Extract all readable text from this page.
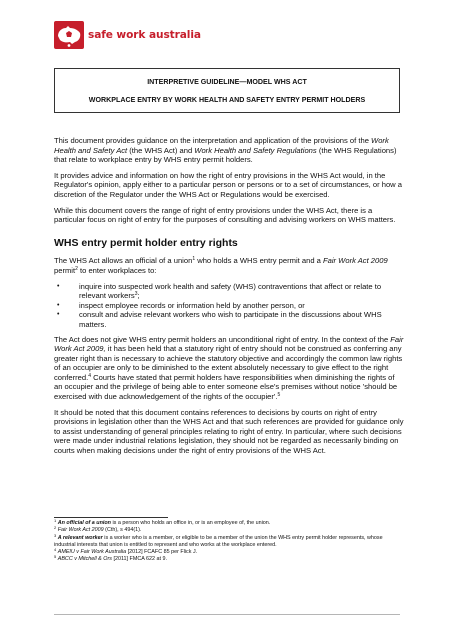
safe work australia
INTERPRETIVE GUIDELINE—MODEL WHS ACT
WORKPLACE ENTRY BY WORK HEALTH AND SAFETY ENTRY PERMIT HOLDERS

This document provides guidance on the interpretation and application of the provisions of the Work Health and Safety Act (the WHS Act) and Work Health and Safety Regulations (the WHS Regulations) that relate to workplace entry by WHS entry permit holders.

It provides advice and information on how the right of entry provisions in the WHS Act would, in the Regulator's opinion, apply either to a particular person or persons or to a set of circumstances, or how a discretion of the Regulator under the WHS Act or Regulations would be exercised.

While this document covers the range of right of entry provisions under the WHS Act, there is a particular focus on right of entry for the purposes of consulting and advising workers on WHS matters.

WHS entry permit holder entry rights

The WHS Act allows an official of a union$^1$ who holds a WHS entry permit and a Fair Work Act 2009 permit$^2$ to enter workplaces to:

•	inquire into suspected work health and safety (WHS) contraventions that affect or relate to relevant workers$^3$;
•	inspect employee records or information held by another person, or
•	consult and advise relevant workers who wish to participate in the discussions about WHS matters.

The Act does not give WHS entry permit holders an unconditional right of entry. In the context of the Fair Work Act 2009, it has been held that a statutory right of entry should not be construed as conferring any greater right than is necessary to achieve the statutory objective and accordingly the common law rights of an occupier are only to be diminished to the extent absolutely necessary to give effect to the right conferred.$^4$ Courts have stated that permit holders have responsibilities when diminishing the rights of an occupier and the privilege of being able to enter someone else's premises without notice 'should be exercised with due acknowledgement of the rights of the occupier'.$^5$

It should be noted that this document contains references to decisions by courts on right of entry provisions in legislation other than the WHS Act and that such references are provided for guidance only to assist understanding of general principles relating to right of entry. In particular, where such decisions were made under industrial relations legislation, they should not be regarded as necessarily binding on courts when making decisions under the right of entry provisions of the WHS Act.

$^1$ An official of a union is a person who holds an office in, or is an employee of, the union.
$^2$ Fair Work Act 2009 (Cth), s 494(1).
$^3$ A relevant worker is a worker who is a member, or eligible to be a member of the union the WHS entry permit holder represents, whose industrial interests that union is entitled to represent and who works at the workplace entered.
$^4$ AMEIU v Fair Work Australia [2012] FCAFC 85 per Flick J.
$^5$ ABCC v Mitchell & Ors [2011] FMCA 622 at 9.
